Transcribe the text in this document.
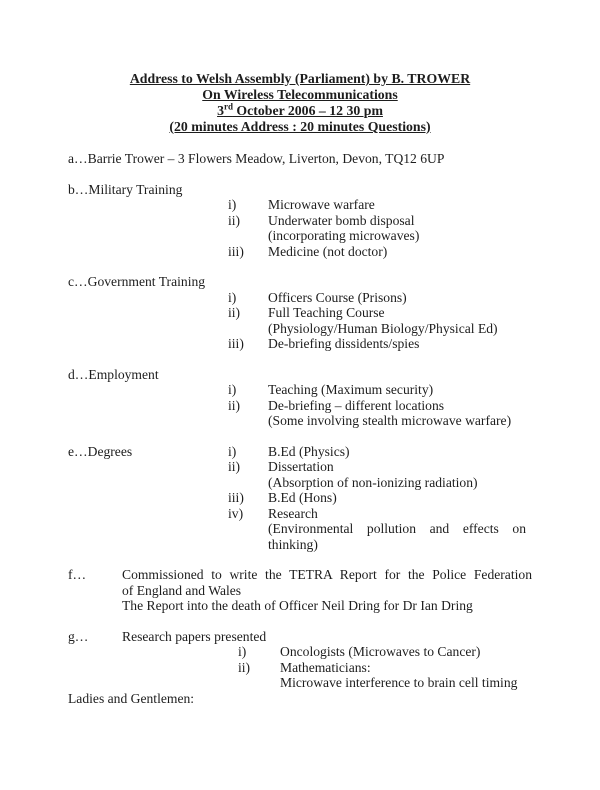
Address to Welsh Assembly (Parliament) by B. TROWER
On Wireless Telecommunications
3rd October 2006 – 12 30 pm
(20 minutes Address : 20 minutes Questions)
a…Barrie Trower – 3 Flowers Meadow, Liverton, Devon, TQ12 6UP
b…Military Training
i)	Microwave warfare
ii)	Underwater bomb disposal
(incorporating microwaves)
iii)	Medicine (not doctor)
c…Government Training
i)	Officers Course (Prisons)
ii)	Full Teaching Course
(Physiology/Human Biology/Physical Ed)
iii)	De-briefing dissidents/spies
d…Employment
i)	Teaching (Maximum security)
ii)	De-briefing – different locations
(Some involving stealth microwave warfare)
e…Degrees	i)	B.Ed (Physics)
ii)	Dissertation
(Absorption of non-ionizing radiation)
iii)	B.Ed (Hons)
iv)	Research
(Environmental pollution and effects on
thinking)
f…	Commissioned to write the TETRA Report for the Police Federation
of England and Wales
The Report into the death of Officer Neil Dring for Dr Ian Dring
g…	Research papers presented
i)	Oncologists (Microwaves to Cancer)
ii)	Mathematicians:
Microwave interference to brain cell timing
Ladies and Gentlemen:
